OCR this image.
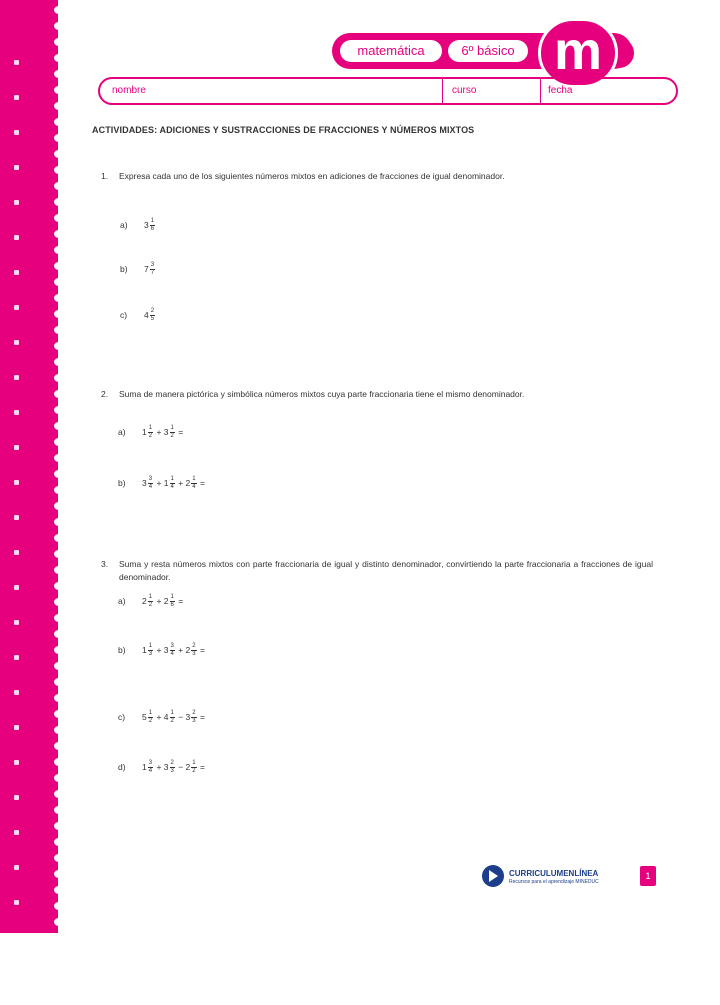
matemática	6º básico m
nombre	curso	fecha
ACTIVIDADES: ADICIONES Y SUSTRACCIONES DE FRACCIONES Y NÚMEROS MIXTOS
1. Expresa cada uno de los siguientes números mixtos en adiciones de fracciones de igual denominador.
a)	$3 \frac{1}{6}$
b)	$7 \frac{3}{7}$
c)	$4 \frac{2}{5}$
2. Suma de manera pictórica y simbólica números mixtos cuya parte fraccionaria tiene el mismo denominador.
a)	$1 \frac{1}{2} + 3 \frac{1}{2}$ =
b)	$3 \frac{3}{4} + 1 \frac{1}{4} + 2 \frac{1}{4}$ =
3. Suma y resta números mixtos con parte fraccionaria de igual y distinto denominador, convirtiendo la parte fraccionaria a fracciones de igual denominador.
a)	$2 \frac{1}{2} + 2 \frac{1}{6}$ =
b)	$1 \frac{1}{3} + 3 \frac{3}{4} + 2 \frac{2}{3}$ =
c)	$5 \frac{1}{2} + 4 \frac{1}{2} - 3 \frac{2}{3}$ =
d)	$1 \frac{3}{4} + 3 \frac{2}{3} - 2 \frac{1}{2}$ =
CURRICULUMENLÍNEA
Recursos para el aprendizaje MINEDUC
1
